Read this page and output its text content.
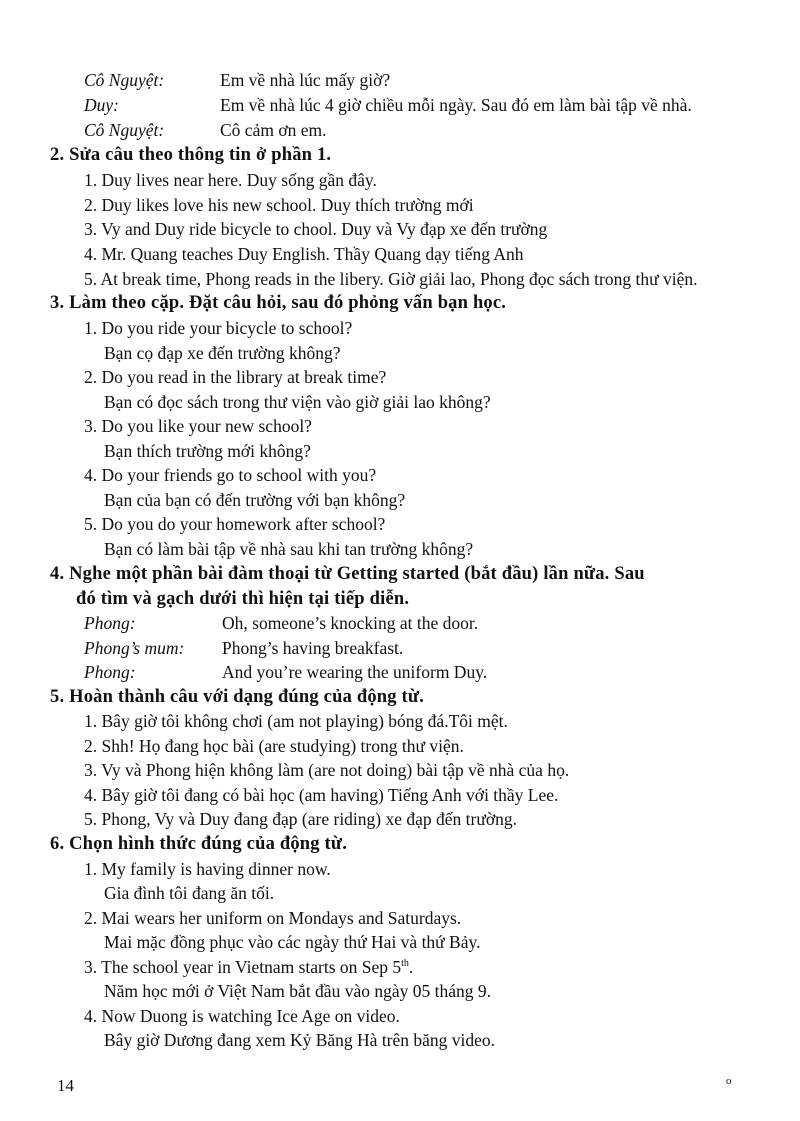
Cô Nguyệt:	Em về nhà lúc mấy giờ?
Duy:	Em về nhà lúc 4 giờ chiều mỗi ngày. Sau đó em làm bài tập về nhà.
Cô Nguyệt:	Cô cảm ơn em.
2. Sửa câu theo thông tin ở phần 1.
1. Duy lives near here. Duy sống gần đây.
2. Duy likes love his new school. Duy thích trường mới
3. Vy and Duy ride bicycle to chool. Duy và Vy đạp xe đến trường
4. Mr. Quang teaches Duy English. Thầy Quang dạy tiếng Anh
5. At break time, Phong reads in the libery. Giờ giải lao, Phong đọc sách trong thư viện.
3. Làm theo cặp. Đặt câu hỏi, sau đó phỏng vấn bạn học.
1. Do you ride your bicycle to school?
Bạn cọ đạp xe đến trường không?
2. Do you read in the library at break time?
Bạn có đọc sách trong thư viện vào giờ giải lao không?
3. Do you like your new school?
Bạn thích trường mới không?
4. Do your friends go to school with you?
Bạn của bạn có đến trường với bạn không?
5. Do you do your homework after school?
Bạn có làm bài tập về nhà sau khi tan trường không?
4. Nghe một phần bài đàm thoại từ Getting started (bắt đầu) lần nữa. Sau
đó tìm và gạch dưới thì hiện tại tiếp diễn.
Phong:	Oh, someone’s knocking at the door.
Phong’s mum: Phong’s having breakfast.
Phong:	And you’re wearing the uniform Duy.
5. Hoàn thành câu với dạng đúng của động từ.
1. Bây giờ tôi không chơi (am not playing) bóng đá.Tôi mệt.
2. Shh! Họ đang học bài (are studying) trong thư viện.
3. Vy và Phong hiện không làm (are not doing) bài tập về nhà của họ.
4. Bây giờ tôi đang có bài học (am having) Tiếng Anh với thầy Lee.
5. Phong, Vy và Duy đang đạp (are riding) xe đạp đến trường.
6. Chọn hình thức đúng của động từ.
1. My family is having dinner now.
Gia đình tôi đang ăn tối.
2. Mai wears her uniform on Mondays and Saturdays.
Mai mặc đồng phục vào các ngày thứ Hai và thứ Bảy.
3. The school year in Vietnam starts on Sep 5th.
Năm học mới ở Việt Nam bắt đầu vào ngày 05 tháng 9.
4. Now Duong is watching Ice Age on video.
Bây giờ Dương đang xem Kỷ Băng Hà trên băng video.
14	o
